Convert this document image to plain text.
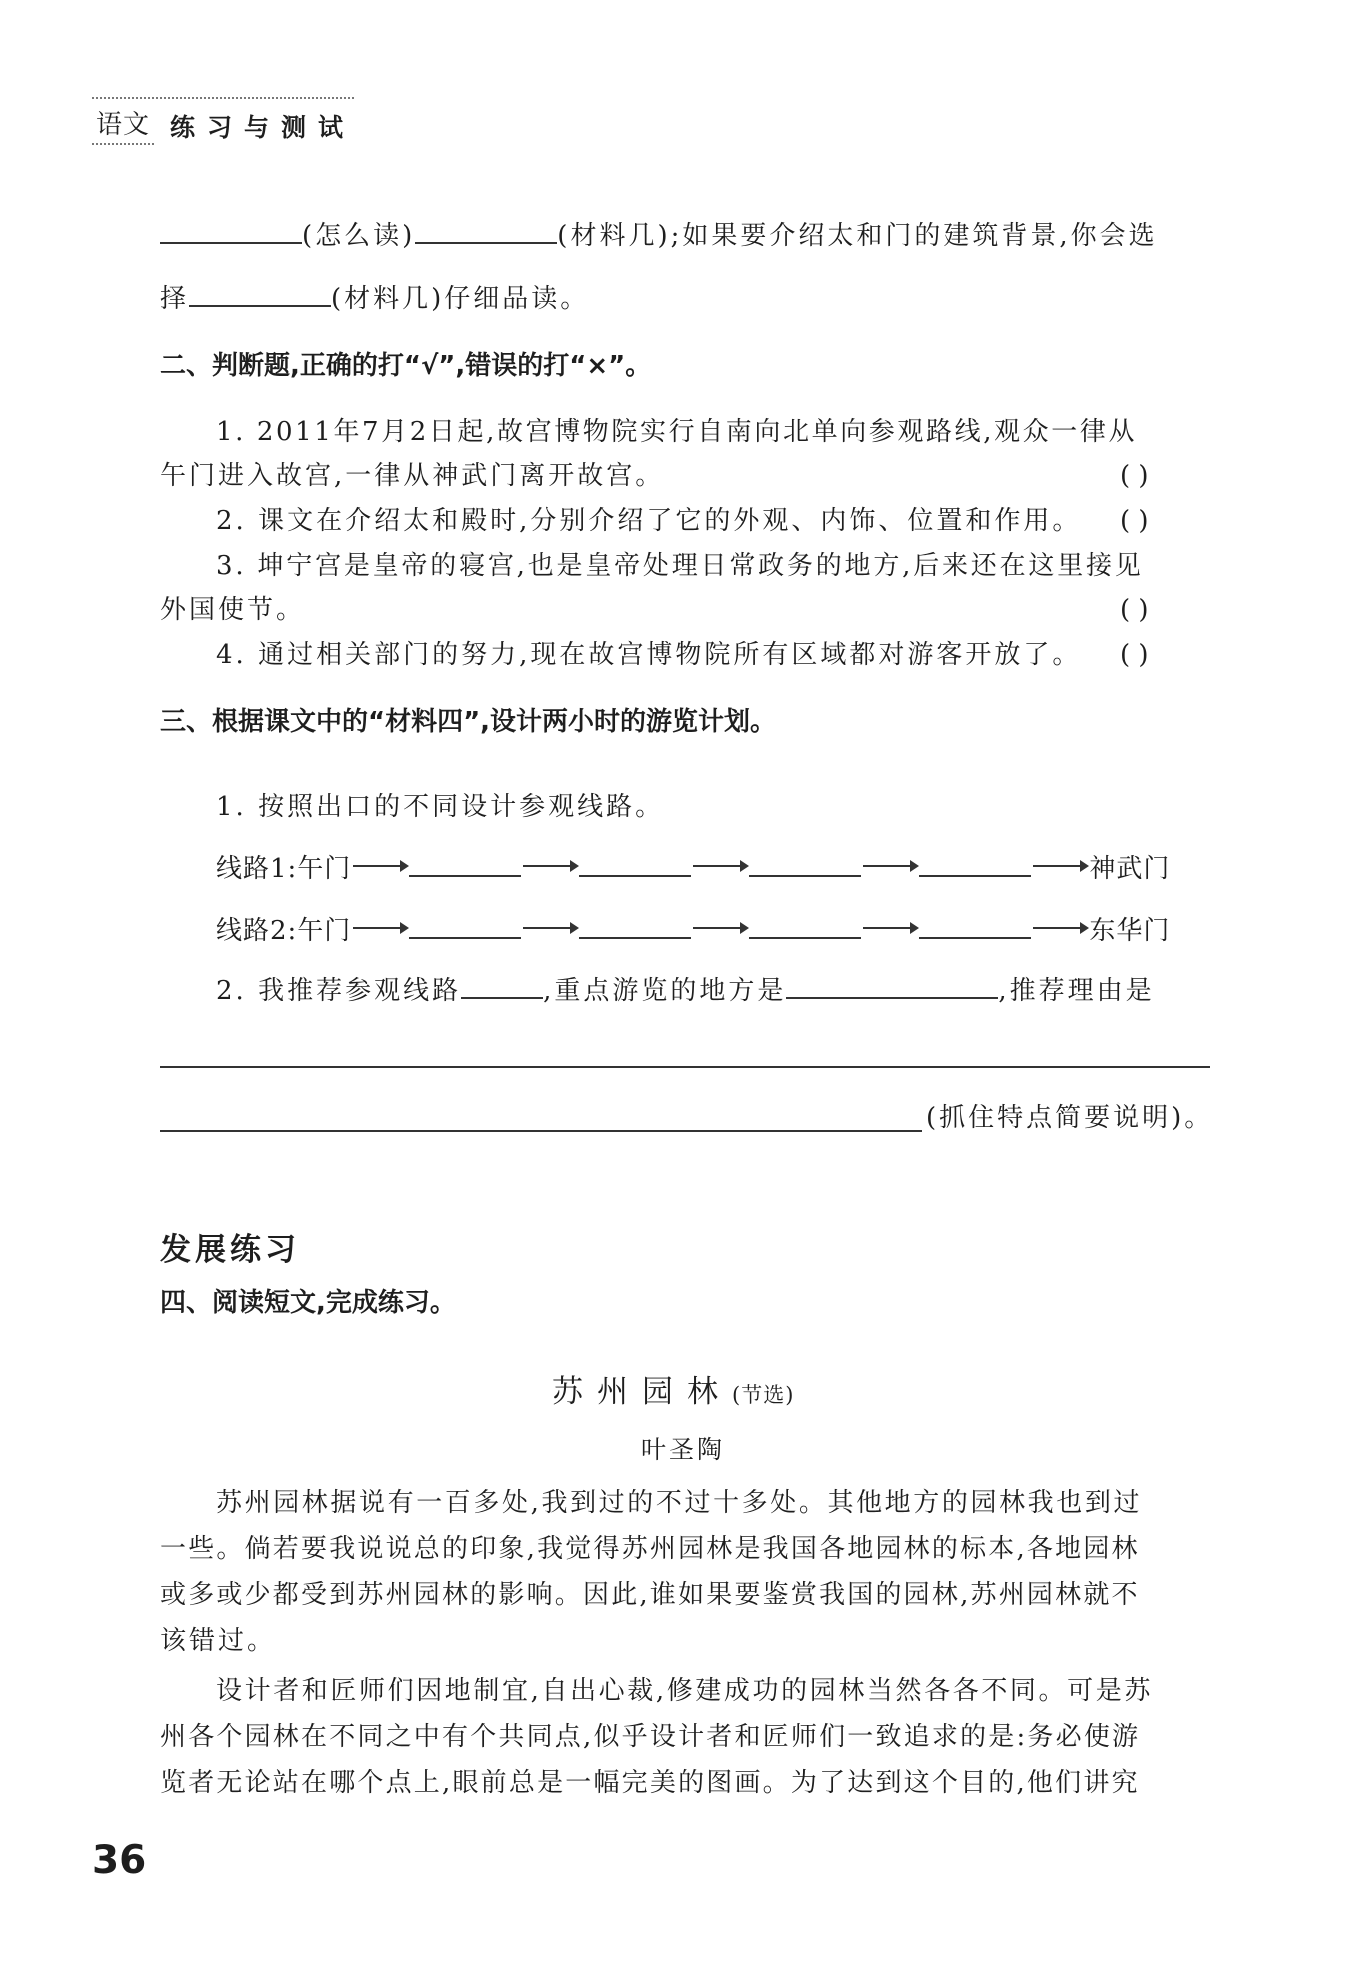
语文 练习与测试
(怎么读)	(材料几);如果要介绍太和门的建筑背景,你会选
择	(材料几)仔细品读。
二、判断题,正确的打“√”,错误的打“×”。
1. 2011年7月2日起,故宫博物院实行自南向北单向参观路线,观众一律从
午门进入故宫,一律从神武门离开故宫。	( )
2. 课文在介绍太和殿时,分别介绍了它的外观、内饰、位置和作用。 ( )
3. 坤宁宫是皇帝的寝宫,也是皇帝处理日常政务的地方,后来还在这里接见
外国使节。	( )
4. 通过相关部门的努力,现在故宫博物院所有区域都对游客开放了。 ( )
三、根据课文中的“材料四”,设计两小时的游览计划。
1. 按照出口的不同设计参观线路。
线路1:午门	神武门
线路2:午门	东华门
2. 我推荐参观线路	,重点游览的地方是	,推荐理由是
(抓住特点简要说明)。
发展练习
四、阅读短文,完成练习。
苏州园林(节选)
叶圣陶
苏州园林据说有一百多处,我到过的不过十多处。其他地方的园林我也到过
一些。倘若要我说说总的印象,我觉得苏州园林是我国各地园林的标本,各地园林
或多或少都受到苏州园林的影响。因此,谁如果要鉴赏我国的园林,苏州园林就不
该错过。
设计者和匠师们因地制宜,自出心裁,修建成功的园林当然各各不同。可是苏
州各个园林在不同之中有个共同点,似乎设计者和匠师们一致追求的是:务必使游
览者无论站在哪个点上,眼前总是一幅完美的图画。为了达到这个目的,他们讲究
36
